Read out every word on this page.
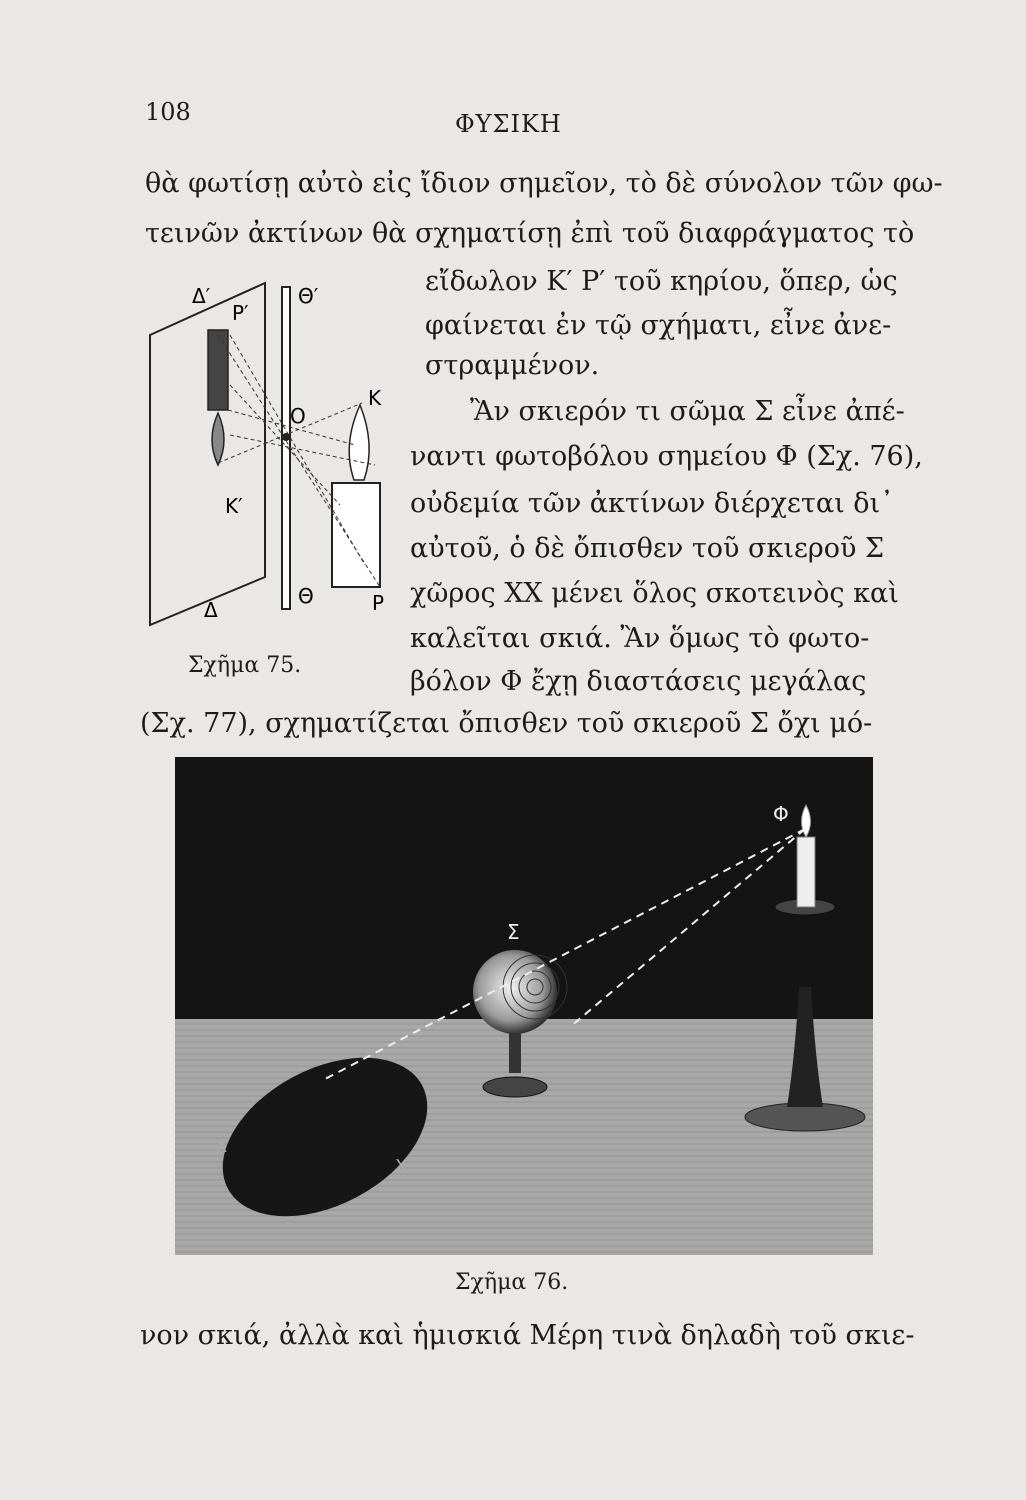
108	ΦΥΣΙΚΗ
θὰ φωτίσῃ αὐτὸ εἰς ἴδιον σημεῖον, τὸ δὲ σύνολον τῶν φω-
τεινῶν ἀκτίνων θὰ σχηματίσῃ ἐπὶ τοῦ διαφράγματος τὸ
εἴδωλον Κ′ Ρ′ τοῦ κηρίου, ὅπερ, ὡς
φαίνεται ἐν τῷ σχήματι, εἶνε ἀνε-
στραμμένον.
Ἂν σκιερόν τι σῶμα Σ εἶνε ἀπέ-
ναντι φωτοβόλου σημείου Φ (Σχ. 76),
οὐδεμία τῶν ἀκτίνων διέρχεται δι᾽
αὐτοῦ, ὁ δὲ ὄπισθεν τοῦ σκιεροῦ Σ
χῶρος ΧΧ μένει ὅλος σκοτεινὸς καὶ
καλεῖται σκιά. Ἂν ὅμως τὸ φωτο-
βόλον Φ ἔχῃ διαστάσεις μεγάλας
(Σχ. 77), σχηματίζεται ὄπισθεν τοῦ σκιεροῦ Σ ὄχι μό-
νον σκιά, ἀλλὰ καὶ ἡμισκιά Μέρη τινὰ δηλαδὴ τοῦ σκιε-
Δ′
Ρ′
Θ′
Κ
Ο
Κ′
Θ	Ρ
Δ
Σχῆμα 75.
Φ
Σ
Χ
Χ
Σχῆμα 76.
